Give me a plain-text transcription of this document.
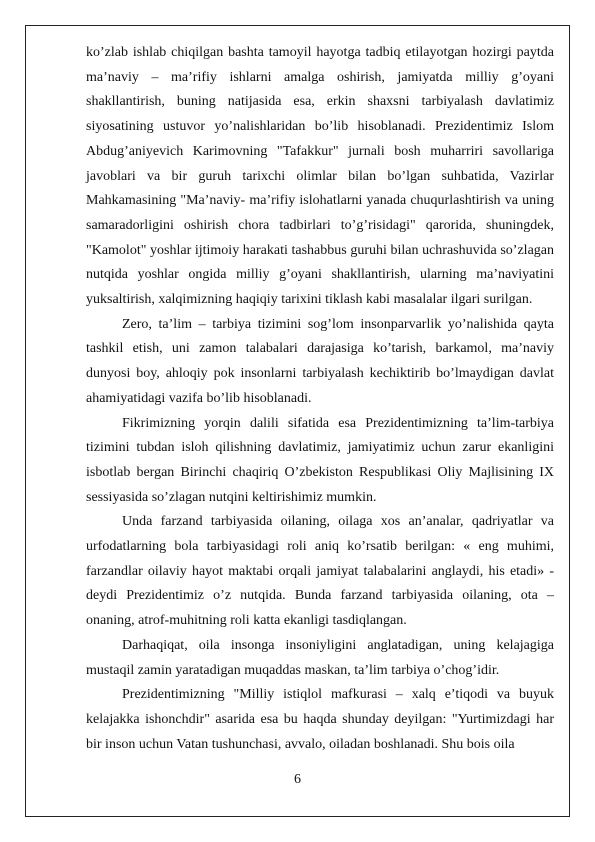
ko’zlab ishlab chiqilgan bashta tamoyil hayotga tadbiq etilayotgan hozirgi paytda ma’naviy – ma’rifiy ishlarni amalga oshirish, jamiyatda milliy g’oyani shakllantirish, buning natijasida esa, erkin shaxsni tarbiyalash davlatimiz siyosatining ustuvor yo’nalishlaridan bo’lib hisoblanadi. Prezidentimiz Islom Abdug’aniyevich Karimovning "Tafakkur" jurnali bosh muharriri savollariga javoblari va bir guruh tarixchi olimlar bilan bo’lgan suhbatida, Vazirlar Mahkamasining "Ma’naviy- ma’rifiy islohatlarni yanada chuqurlashtirish va uning samaradorligini oshirish chora tadbirlari to’g’risidagi" qarorida, shuningdek, "Kamolot" yoshlar ijtimoiy harakati tashabbus guruhi bilan uchrashuvida so’zlagan nutqida yoshlar ongida milliy g’oyani shakllantirish, ularning ma’naviyatini yuksaltirish, xalqimizning haqiqiy tarixini tiklash kabi masalalar ilgari surilgan.

Zero, ta’lim – tarbiya tizimini sog’lom insonparvarlik yo’nalishida qayta tashkil etish, uni zamon talabalari darajasiga ko’tarish, barkamol, ma’naviy dunyosi boy, ahloqiy pok insonlarni tarbiyalash kechiktirib bo’lmaydigan davlat ahamiyatidagi vazifa bo’lib hisoblanadi.

Fikrimizning yorqin dalili sifatida esa Prezidentimizning ta’lim-tarbiya tizimini tubdan isloh qilishning davlatimiz, jamiyatimiz uchun zarur ekanligini isbotlab bergan Birinchi chaqiriq O’zbekiston Respublikasi Oliy Majlisining IX sessiyasida so’zlagan nutqini keltirishimiz mumkin.

Unda farzand tarbiyasida oilaning, oilaga xos an’analar, qadriyatlar va urfodatlarning bola tarbiyasidagi roli aniq ko’rsatib berilgan: « eng muhimi, farzandlar oilaviy hayot maktabi orqali jamiyat talabalarini anglaydi, his etadi» - deydi Prezidentimiz o’z nutqida. Bunda farzand tarbiyasida oilaning, ota – onaning, atrof-muhitning roli katta ekanligi tasdiqlangan.

Darhaqiqat, oila insonga insoniyligini anglatadigan, uning kelajagiga mustaqil zamin yaratadigan muqaddas maskan, ta’lim tarbiya o’chog’idir.

Prezidentimizning "Milliy istiqlol mafkurasi – xalq e’tiqodi va buyuk kelajakka ishonchdir" asarida esa bu haqda shunday deyilgan: "Yurtimizdagi har bir inson uchun Vatan tushunchasi, avvalo, oiladan boshlanadi. Shu bois oila

6
